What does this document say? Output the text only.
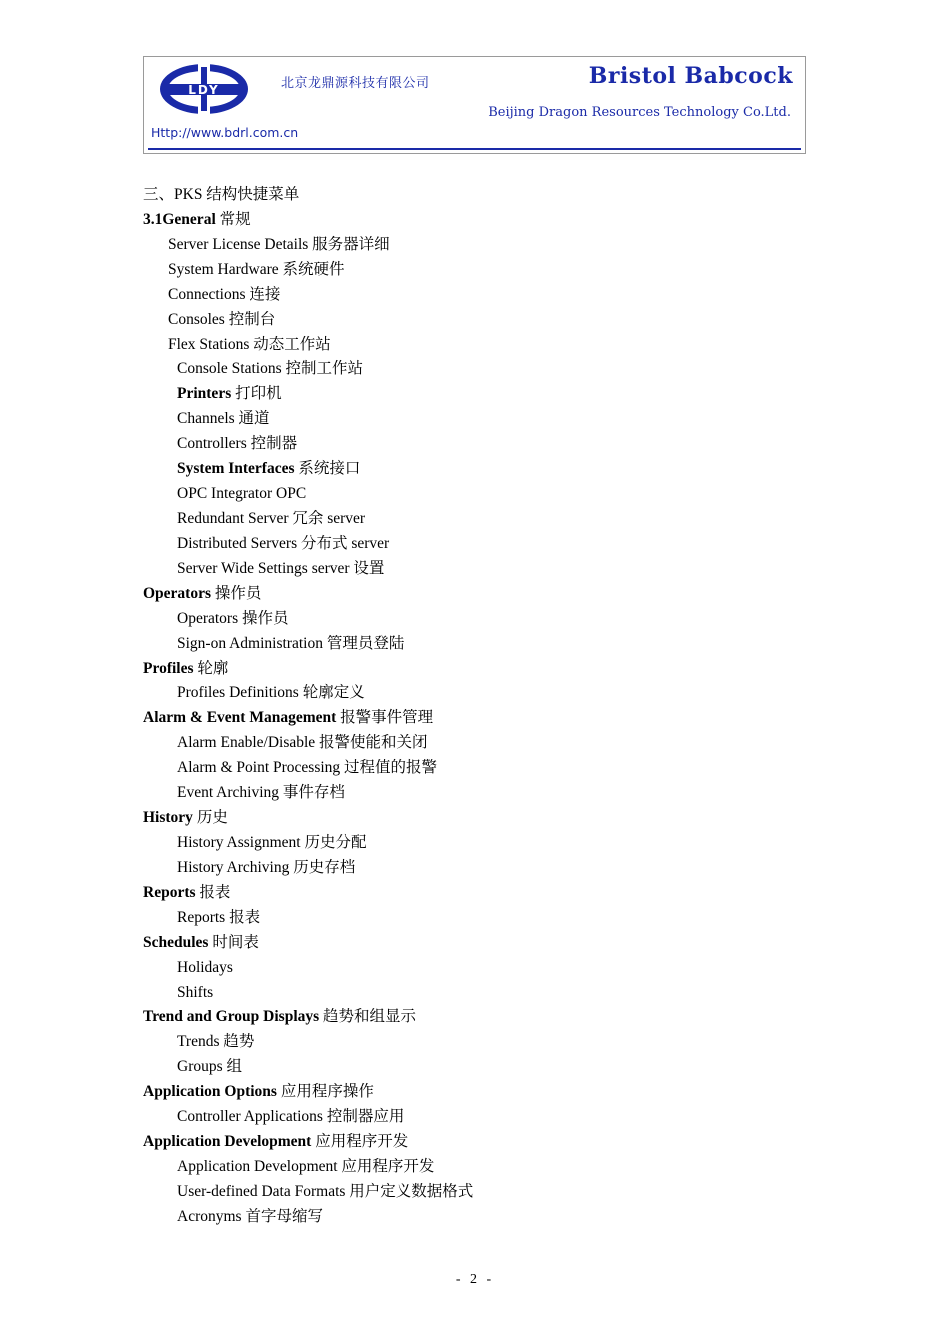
LDY	北京龙鼎源科技有限公司
Http://www.bdrl.com.cn
Bristol Babcock
Beijing Dragon Resources Technology Co.Ltd.
三、PKS 结构快捷菜单
3.1General 常规
Server License Details 服务器详细
System Hardware 系统硬件
Connections 连接
Consoles 控制台
Flex Stations 动态工作站
Console Stations 控制工作站
Printers 打印机
Channels 通道
Controllers 控制器
System Interfaces 系统接口
OPC Integrator OPC
Redundant Server 冗余 server
Distributed Servers 分布式 server
Server Wide Settings server 设置
Operators 操作员
Operators 操作员
Sign-on Administration 管理员登陆
Profiles 轮廓
Profiles Definitions 轮廓定义
Alarm & Event Management 报警事件管理
Alarm Enable/Disable 报警使能和关闭
Alarm & Point Processing 过程值的报警
Event Archiving 事件存档
History 历史
History Assignment 历史分配
History Archiving 历史存档
Reports 报表
Reports 报表
Schedules 时间表
Holidays
Shifts
Trend and Group Displays 趋势和组显示
Trends 趋势
Groups 组
Application Options 应用程序操作
Controller Applications 控制器应用
Application Development 应用程序开发
Application Development 应用程序开发
User-defined Data Formats 用户定义数据格式
Acronyms 首字母缩写
- 2 -
